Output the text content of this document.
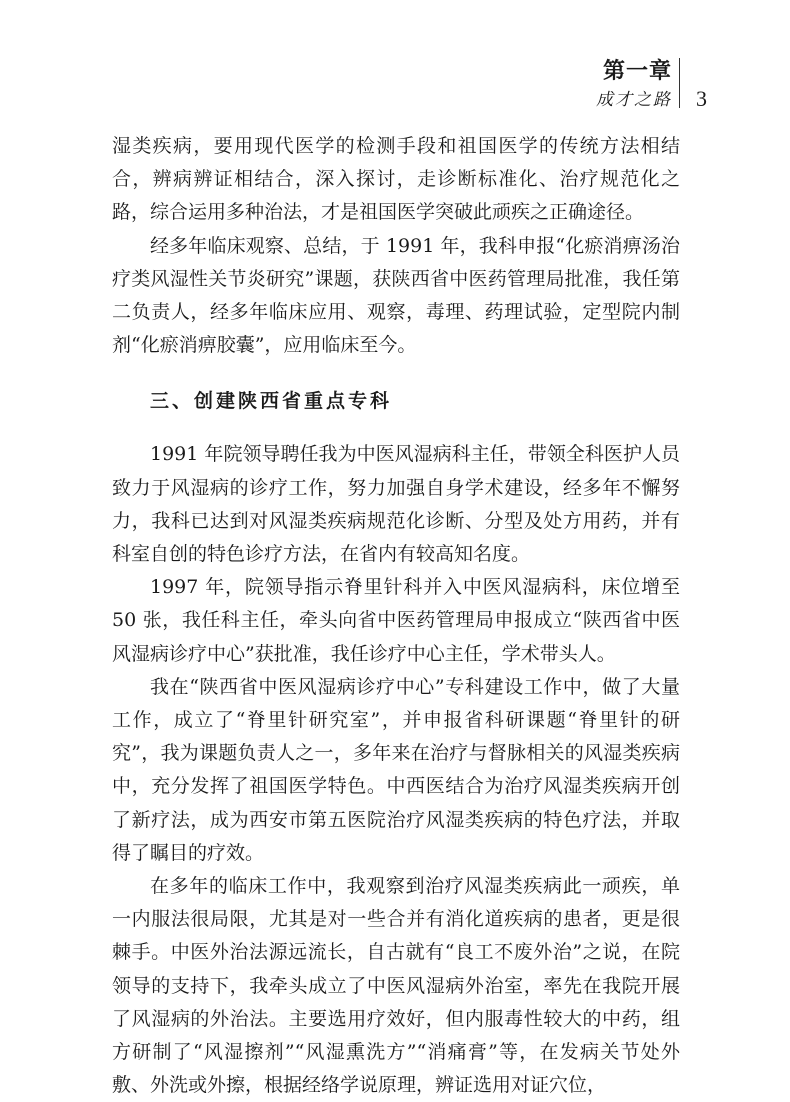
第一章
成才之路 3

湿类疾病，要用现代医学的检测手段和祖国医学的传统方法相结合，辨病辨证相结合，深入探讨，走诊断标准化、治疗规范化之路，综合运用多种治法，才是祖国医学突破此顽疾之正确途径。

经多年临床观察、总结，于 1991 年，我科申报“化瘀消痹汤治疗类风湿性关节炎研究”课题，获陕西省中医药管理局批准，我任第二负责人，经多年临床应用、观察，毒理、药理试验，定型院内制剂“化瘀消痹胶囊”，应用临床至今。

三、创建陕西省重点专科

1991 年院领导聘任我为中医风湿病科主任，带领全科医护人员致力于风湿病的诊疗工作，努力加强自身学术建设，经多年不懈努力，我科已达到对风湿类疾病规范化诊断、分型及处方用药，并有科室自创的特色诊疗方法，在省内有较高知名度。

1997 年，院领导指示脊里针科并入中医风湿病科，床位增至 50 张，我任科主任，牵头向省中医药管理局申报成立“陕西省中医风湿病诊疗中心”获批准，我任诊疗中心主任，学术带头人。

我在“陕西省中医风湿病诊疗中心”专科建设工作中，做了大量工作，成立了“脊里针研究室”，并申报省科研课题“脊里针的研究”，我为课题负责人之一，多年来在治疗与督脉相关的风湿类疾病中，充分发挥了祖国医学特色。中西医结合为治疗风湿类疾病开创了新疗法，成为西安市第五医院治疗风湿类疾病的特色疗法，并取得了瞩目的疗效。

在多年的临床工作中，我观察到治疗风湿类疾病此一顽疾，单一内服法很局限，尤其是对一些合并有消化道疾病的患者，更是很棘手。中医外治法源远流长，自古就有“良工不废外治”之说，在院领导的支持下，我牵头成立了中医风湿病外治室，率先在我院开展了风湿病的外治法。主要选用疗效好，但内服毒性较大的中药，组方研制了“风湿擦剂”“风湿熏洗方”“消痛膏”等，在发病关节处外敷、外洗或外擦，根据经络学说原理，辨证选用对证穴位，
